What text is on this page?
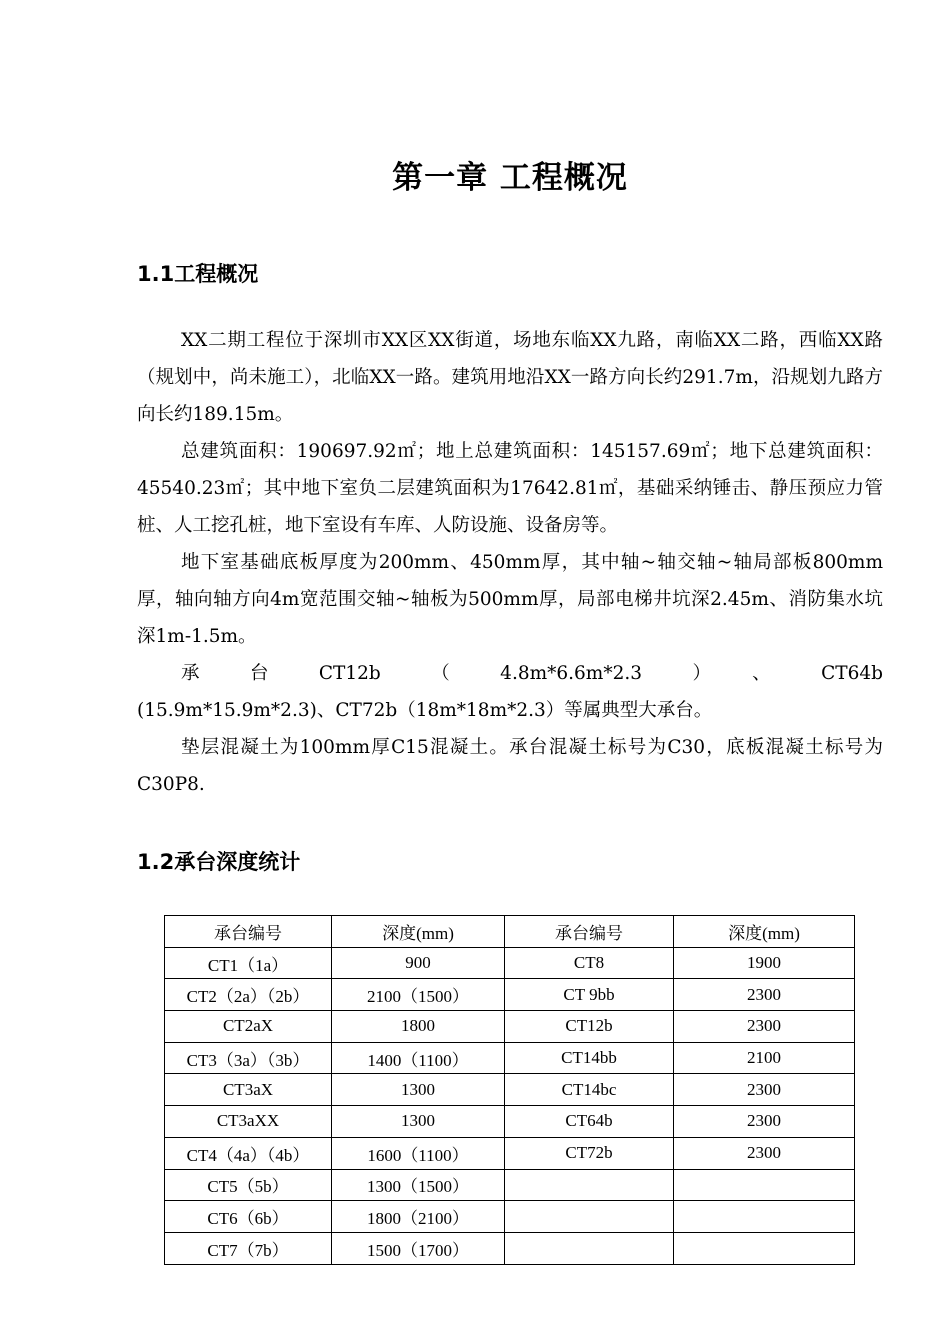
第一章 工程概况
1.1工程概况

XX二期工程位于深圳市XX区XX街道，场地东临XX九路，南临XX二路，西临XX路（规划中，尚未施工），北临XX一路。建筑用地沿XX一路方向长约291.7m，沿规划九路方向长约189.15m。

总建筑面积：190697.92㎡；地上总建筑面积：145157.69㎡；地下总建筑面积：45540.23㎡；其中地下室负二层建筑面积为17642.81㎡，基础采纳锤击、静压预应力管桩、人工挖孔桩，地下室设有车库、人防设施、设备房等。

地下室基础底板厚度为200mm、450mm厚，其中轴~轴交轴~轴局部板800mm厚，轴向轴方向4m宽范围交轴~轴板为500mm厚，局部电梯井坑深2.45m、消防集水坑深1m-1.5m。

承台CT12b（4.8m*6.6m*2.3）、CT64b

(15.9m*15.9m*2.3)、CT72b（18m*18m*2.3）等属典型大承台。

垫层混凝土为100mm厚C15混凝土。承台混凝土标号为C30，底板混凝土标号为C30P8.

1.2承台深度统计
承台编号	深度(mm)	承台编号	深度(mm)
CT1（1a）	900	CT8	1900
CT2（2a）（2b）	2100（1500）	CT 9bb	2300
CT2aX	1800	CT12b	2300
CT3（3a）（3b）	1400（1100）	CT14bb	2100
CT3aX	1300	CT14bc	2300
CT3aXX	1300	CT64b	2300
CT4（4a）（4b）	1600（1100）	CT72b	2300
CT5（5b）	1300（1500）		
CT6（6b）	1800（2100）		
CT7（7b）	1500（1700）		
